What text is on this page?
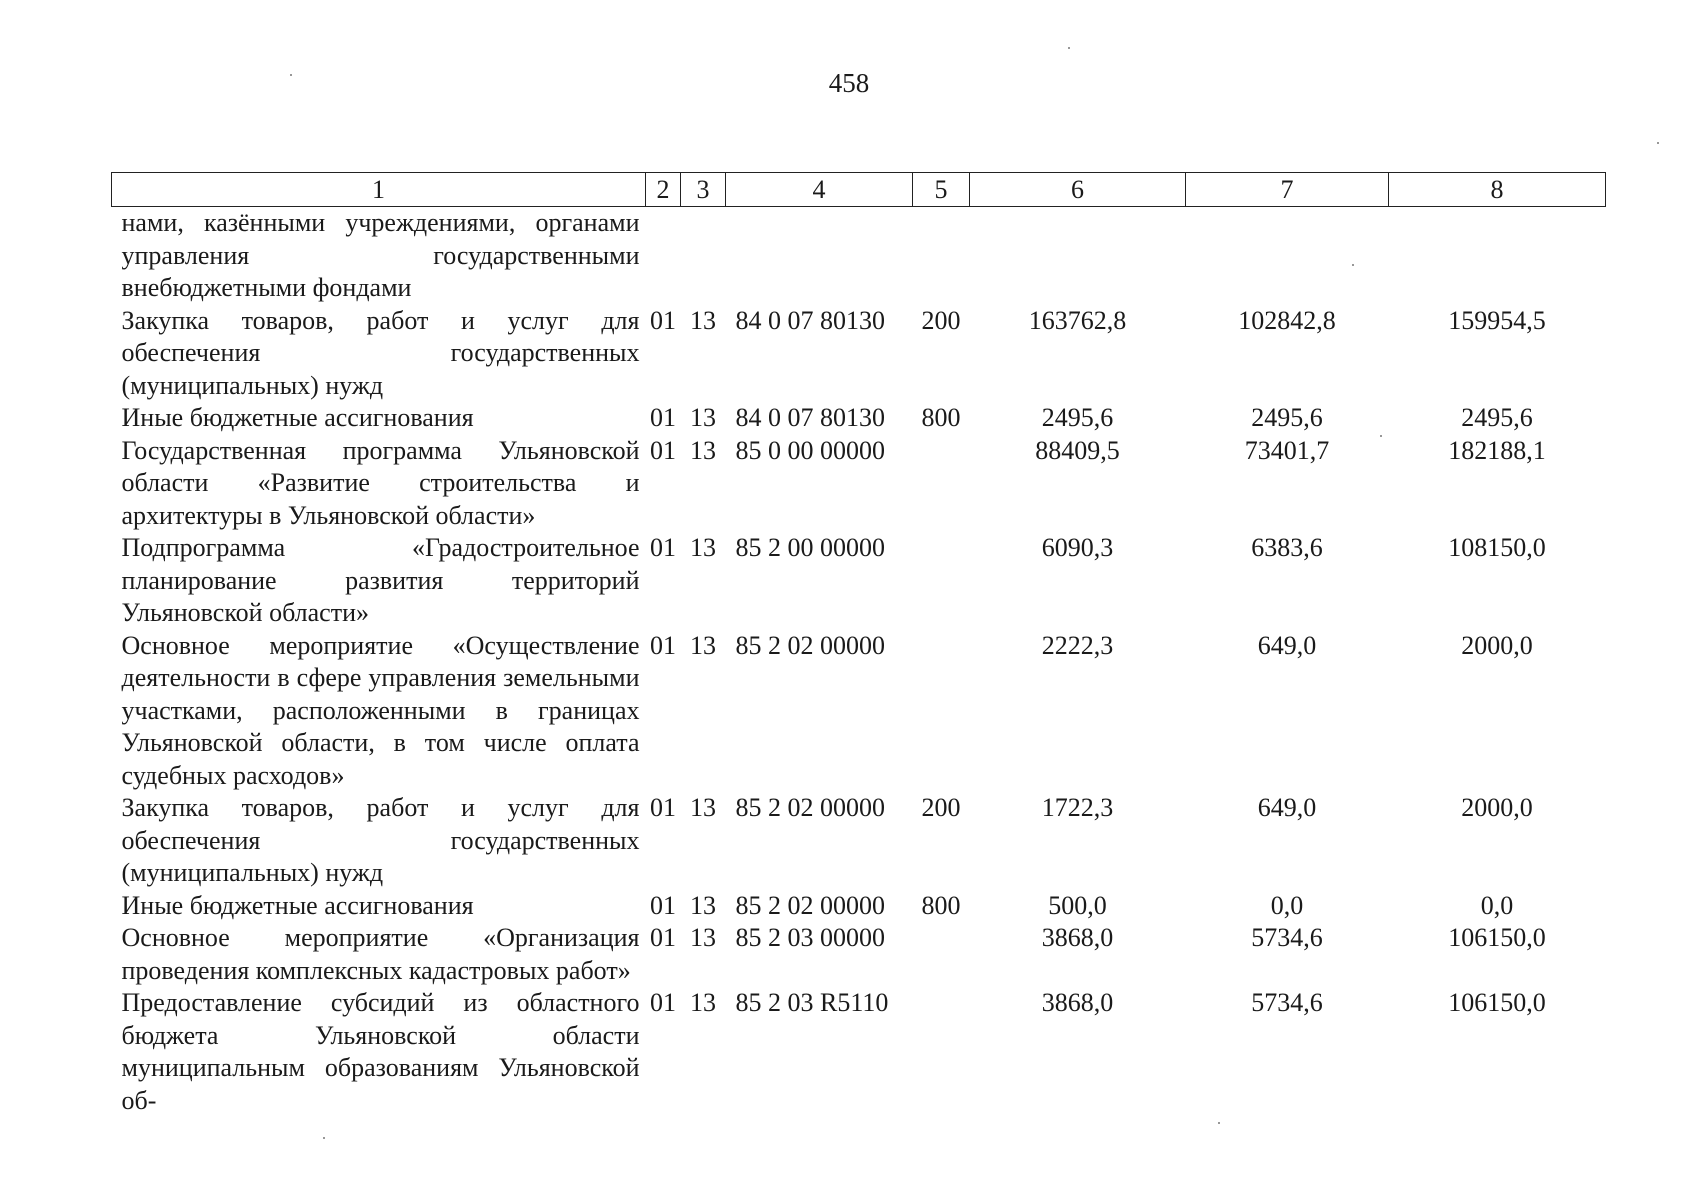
458
1	2	3	4	5	6	7	8
нами, казёнными учреждениями, органами управления государственными внебюджетными фондами							
Закупка товаров, работ и услуг для обеспечения государственных (муниципальных) нужд	01	13	84 0 07 80130	200	163762,8	102842,8	159954,5
Иные бюджетные ассигнования	01	13	84 0 07 80130	800	2495,6	2495,6	2495,6
Государственная программа Ульяновской области «Развитие строительства и архитектуры в Ульяновской области»	01	13	85 0 00 00000		88409,5	73401,7	182188,1
Подпрограмма «Градостроительное планирование развития территорий Ульяновской области»	01	13	85 2 00 00000		6090,3	6383,6	108150,0
Основное мероприятие «Осуществление деятельности в сфере управления земельными участками, расположенными в границах Ульяновской области, в том числе оплата судебных расходов»	01	13	85 2 02 00000		2222,3	649,0	2000,0
Закупка товаров, работ и услуг для обеспечения государственных (муниципальных) нужд	01	13	85 2 02 00000	200	1722,3	649,0	2000,0
Иные бюджетные ассигнования	01	13	85 2 02 00000	800	500,0	0,0	0,0
Основное мероприятие «Организация проведения комплексных кадастровых работ»	01	13	85 2 03 00000		3868,0	5734,6	106150,0
Предоставление субсидий из областного бюджета Ульяновской области муниципальным образованиям Ульяновской об-	01	13	85 2 03 R5110		3868,0	5734,6	106150,0
